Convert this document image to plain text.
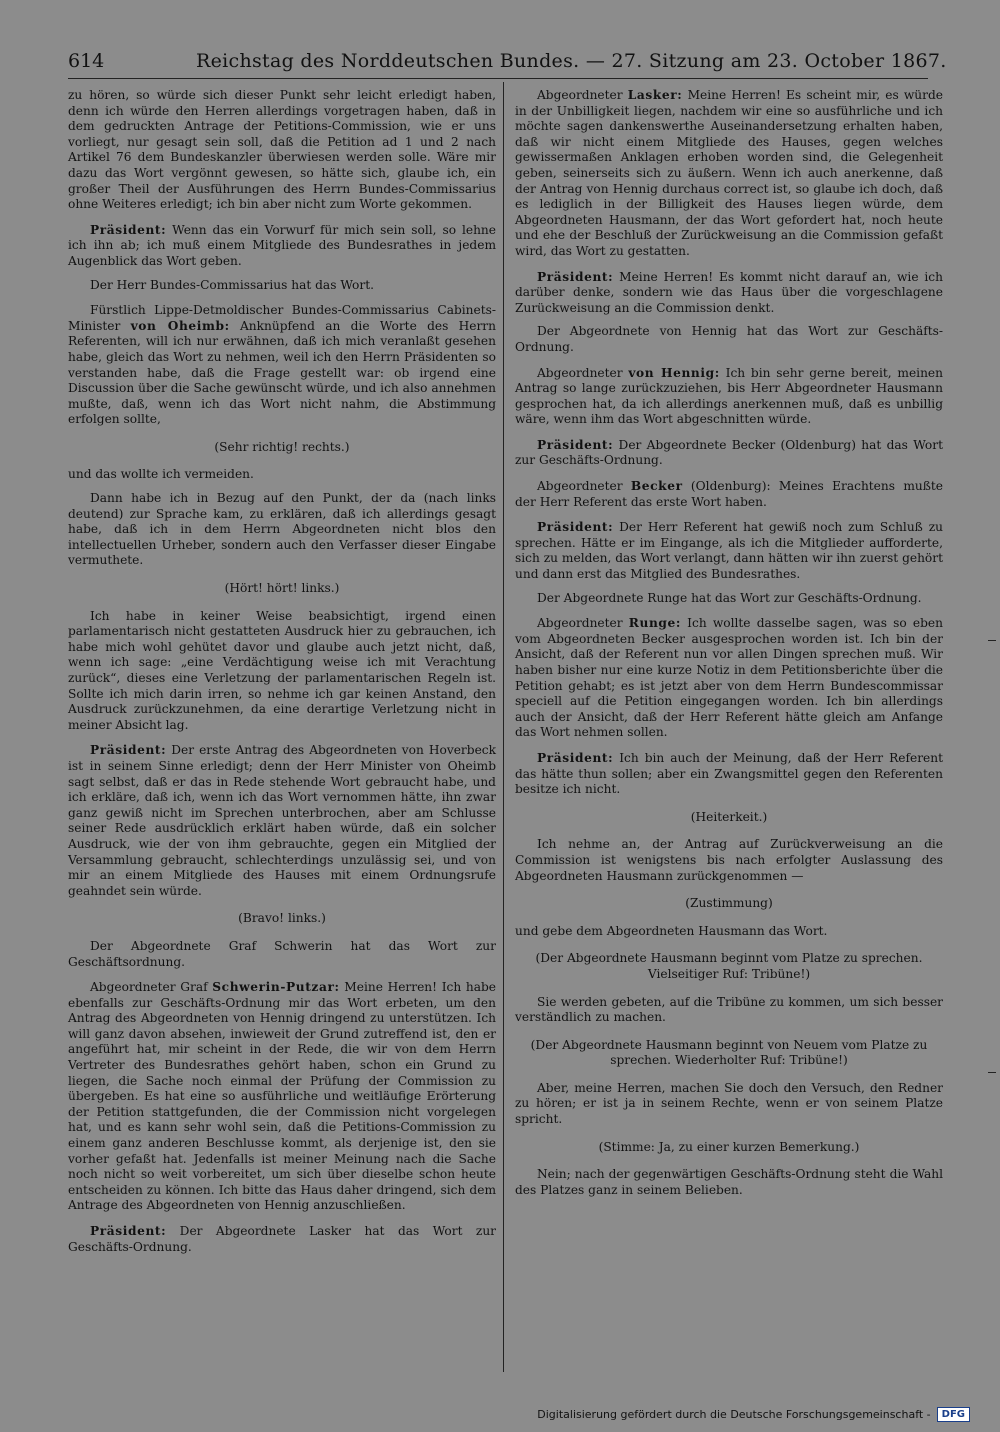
614	Reichstag des Norddeutschen Bundes. — 27. Sitzung am 23. October 1867.

zu hören, so würde sich dieser Punkt sehr leicht erledigt haben, denn ich würde den Herren allerdings vorgetragen haben, daß in dem gedruckten Antrage der Petitions-Commission, wie er uns vorliegt, nur gesagt sein soll, daß die Petition ad 1 und 2 nach Artikel 76 dem Bundeskanzler überwiesen werden solle. Wäre mir dazu das Wort vergönnt gewesen, so hätte sich, glaube ich, ein großer Theil der Ausführungen des Herrn Bundes-Commissarius ohne Weiteres erledigt; ich bin aber nicht zum Worte gekommen.

Präsident: Wenn das ein Vorwurf für mich sein soll, so lehne ich ihn ab; ich muß einem Mitgliede des Bundesrathes in jedem Augenblick das Wort geben.

Der Herr Bundes-Commissarius hat das Wort.

Fürstlich Lippe-Detmoldischer Bundes-Commissarius Cabinets-Minister von Oheimb: Anknüpfend an die Worte des Herrn Referenten, will ich nur erwähnen, daß ich mich veranlaßt gesehen habe, gleich das Wort zu nehmen, weil ich den Herrn Präsidenten so verstanden habe, daß die Frage gestellt war: ob irgend eine Discussion über die Sache gewünscht würde, und ich also annehmen mußte, daß, wenn ich das Wort nicht nahm, die Abstimmung erfolgen sollte,

(Sehr richtig! rechts.)

und das wollte ich vermeiden.

Dann habe ich in Bezug auf den Punkt, der da (nach links deutend) zur Sprache kam, zu erklären, daß ich allerdings gesagt habe, daß ich in dem Herrn Abgeordneten nicht blos den intellectuellen Urheber, sondern auch den Verfasser dieser Eingabe vermuthete.

(Hört! hört! links.)

Ich habe in keiner Weise beabsichtigt, irgend einen parlamentarisch nicht gestatteten Ausdruck hier zu gebrauchen, ich habe mich wohl gehütet davor und glaube auch jetzt nicht, daß, wenn ich sage: „eine Verdächtigung weise ich mit Verachtung zurück“, dieses eine Verletzung der parlamentarischen Regeln ist. Sollte ich mich darin irren, so nehme ich gar keinen Anstand, den Ausdruck zurückzunehmen, da eine derartige Verletzung nicht in meiner Absicht lag.

Präsident: Der erste Antrag des Abgeordneten von Hoverbeck ist in seinem Sinne erledigt; denn der Herr Minister von Oheimb sagt selbst, daß er das in Rede stehende Wort gebraucht habe, und ich erkläre, daß ich, wenn ich das Wort vernommen hätte, ihn zwar ganz gewiß nicht im Sprechen unterbrochen, aber am Schlusse seiner Rede ausdrücklich erklärt haben würde, daß ein solcher Ausdruck, wie der von ihm gebrauchte, gegen ein Mitglied der Versammlung gebraucht, schlechterdings unzulässig sei, und von mir an einem Mitgliede des Hauses mit einem Ordnungsrufe geahndet sein würde.

(Bravo! links.)

Der Abgeordnete Graf Schwerin hat das Wort zur Geschäftsordnung.

Abgeordneter Graf Schwerin-Putzar: Meine Herren! Ich habe ebenfalls zur Geschäfts-Ordnung mir das Wort erbeten, um den Antrag des Abgeordneten von Hennig dringend zu unterstützen. Ich will ganz davon absehen, inwieweit der Grund zutreffend ist, den er angeführt hat, mir scheint in der Rede, die wir von dem Herrn Vertreter des Bundesrathes gehört haben, schon ein Grund zu liegen, die Sache noch einmal der Prüfung der Commission zu übergeben. Es hat eine so ausführliche und weitläufige Erörterung der Petition stattgefunden, die der Commission nicht vorgelegen hat, und es kann sehr wohl sein, daß die Petitions-Commission zu einem ganz anderen Beschlusse kommt, als derjenige ist, den sie vorher gefaßt hat. Jedenfalls ist meiner Meinung nach die Sache noch nicht so weit vorbereitet, um sich über dieselbe schon heute entscheiden zu können. Ich bitte das Haus daher dringend, sich dem Antrage des Abgeordneten von Hennig anzuschließen.

Präsident: Der Abgeordnete Lasker hat das Wort zur Geschäfts-Ordnung.

Abgeordneter Lasker: Meine Herren! Es scheint mir, es würde in der Unbilligkeit liegen, nachdem wir eine so ausführliche und ich möchte sagen dankenswerthe Auseinandersetzung erhalten haben, daß wir nicht einem Mitgliede des Hauses, gegen welches gewissermaßen Anklagen erhoben worden sind, die Gelegenheit geben, seinerseits sich zu äußern. Wenn ich auch anerkenne, daß der Antrag von Hennig durchaus correct ist, so glaube ich doch, daß es lediglich in der Billigkeit des Hauses liegen würde, dem Abgeordneten Hausmann, der das Wort gefordert hat, noch heute und ehe der Beschluß der Zurückweisung an die Commission gefaßt wird, das Wort zu gestatten.

Präsident: Meine Herren! Es kommt nicht darauf an, wie ich darüber denke, sondern wie das Haus über die vorgeschlagene Zurückweisung an die Commission denkt.

Der Abgeordnete von Hennig hat das Wort zur Geschäfts-Ordnung.

Abgeordneter von Hennig: Ich bin sehr gerne bereit, meinen Antrag so lange zurückzuziehen, bis Herr Abgeordneter Hausmann gesprochen hat, da ich allerdings anerkennen muß, daß es unbillig wäre, wenn ihm das Wort abgeschnitten würde.

Präsident: Der Abgeordnete Becker (Oldenburg) hat das Wort zur Geschäfts-Ordnung.

Abgeordneter Becker (Oldenburg): Meines Erachtens mußte der Herr Referent das erste Wort haben.

Präsident: Der Herr Referent hat gewiß noch zum Schluß zu sprechen. Hätte er im Eingange, als ich die Mitglieder aufforderte, sich zu melden, das Wort verlangt, dann hätten wir ihn zuerst gehört und dann erst das Mitglied des Bundesrathes.

Der Abgeordnete Runge hat das Wort zur Geschäfts-Ordnung.

Abgeordneter Runge: Ich wollte dasselbe sagen, was so eben vom Abgeordneten Becker ausgesprochen worden ist. Ich bin der Ansicht, daß der Referent nun vor allen Dingen sprechen muß. Wir haben bisher nur eine kurze Notiz in dem Petitionsberichte über die Petition gehabt; es ist jetzt aber von dem Herrn Bundescommissar speciell auf die Petition eingegangen worden. Ich bin allerdings auch der Ansicht, daß der Herr Referent hätte gleich am Anfange das Wort nehmen sollen.

Präsident: Ich bin auch der Meinung, daß der Herr Referent das hätte thun sollen; aber ein Zwangsmittel gegen den Referenten besitze ich nicht.

(Heiterkeit.)

Ich nehme an, der Antrag auf Zurückverweisung an die Commission ist wenigstens bis nach erfolgter Auslassung des Abgeordneten Hausmann zurückgenommen —

(Zustimmung)

und gebe dem Abgeordneten Hausmann das Wort.

(Der Abgeordnete Hausmann beginnt vom Platze zu sprechen. Vielseitiger Ruf: Tribüne!)

Sie werden gebeten, auf die Tribüne zu kommen, um sich besser verständlich zu machen.

(Der Abgeordnete Hausmann beginnt von Neuem vom Platze zu sprechen. Wiederholter Ruf: Tribüne!)

Aber, meine Herren, machen Sie doch den Versuch, den Redner zu hören; er ist ja in seinem Rechte, wenn er von seinem Platze spricht.

(Stimme: Ja, zu einer kurzen Bemerkung.)

Nein; nach der gegenwärtigen Geschäfts-Ordnung steht die Wahl des Platzes ganz in seinem Belieben.

Digitalisierung gefördert durch die Deutsche Forschungsgemeinschaft -	DFG
